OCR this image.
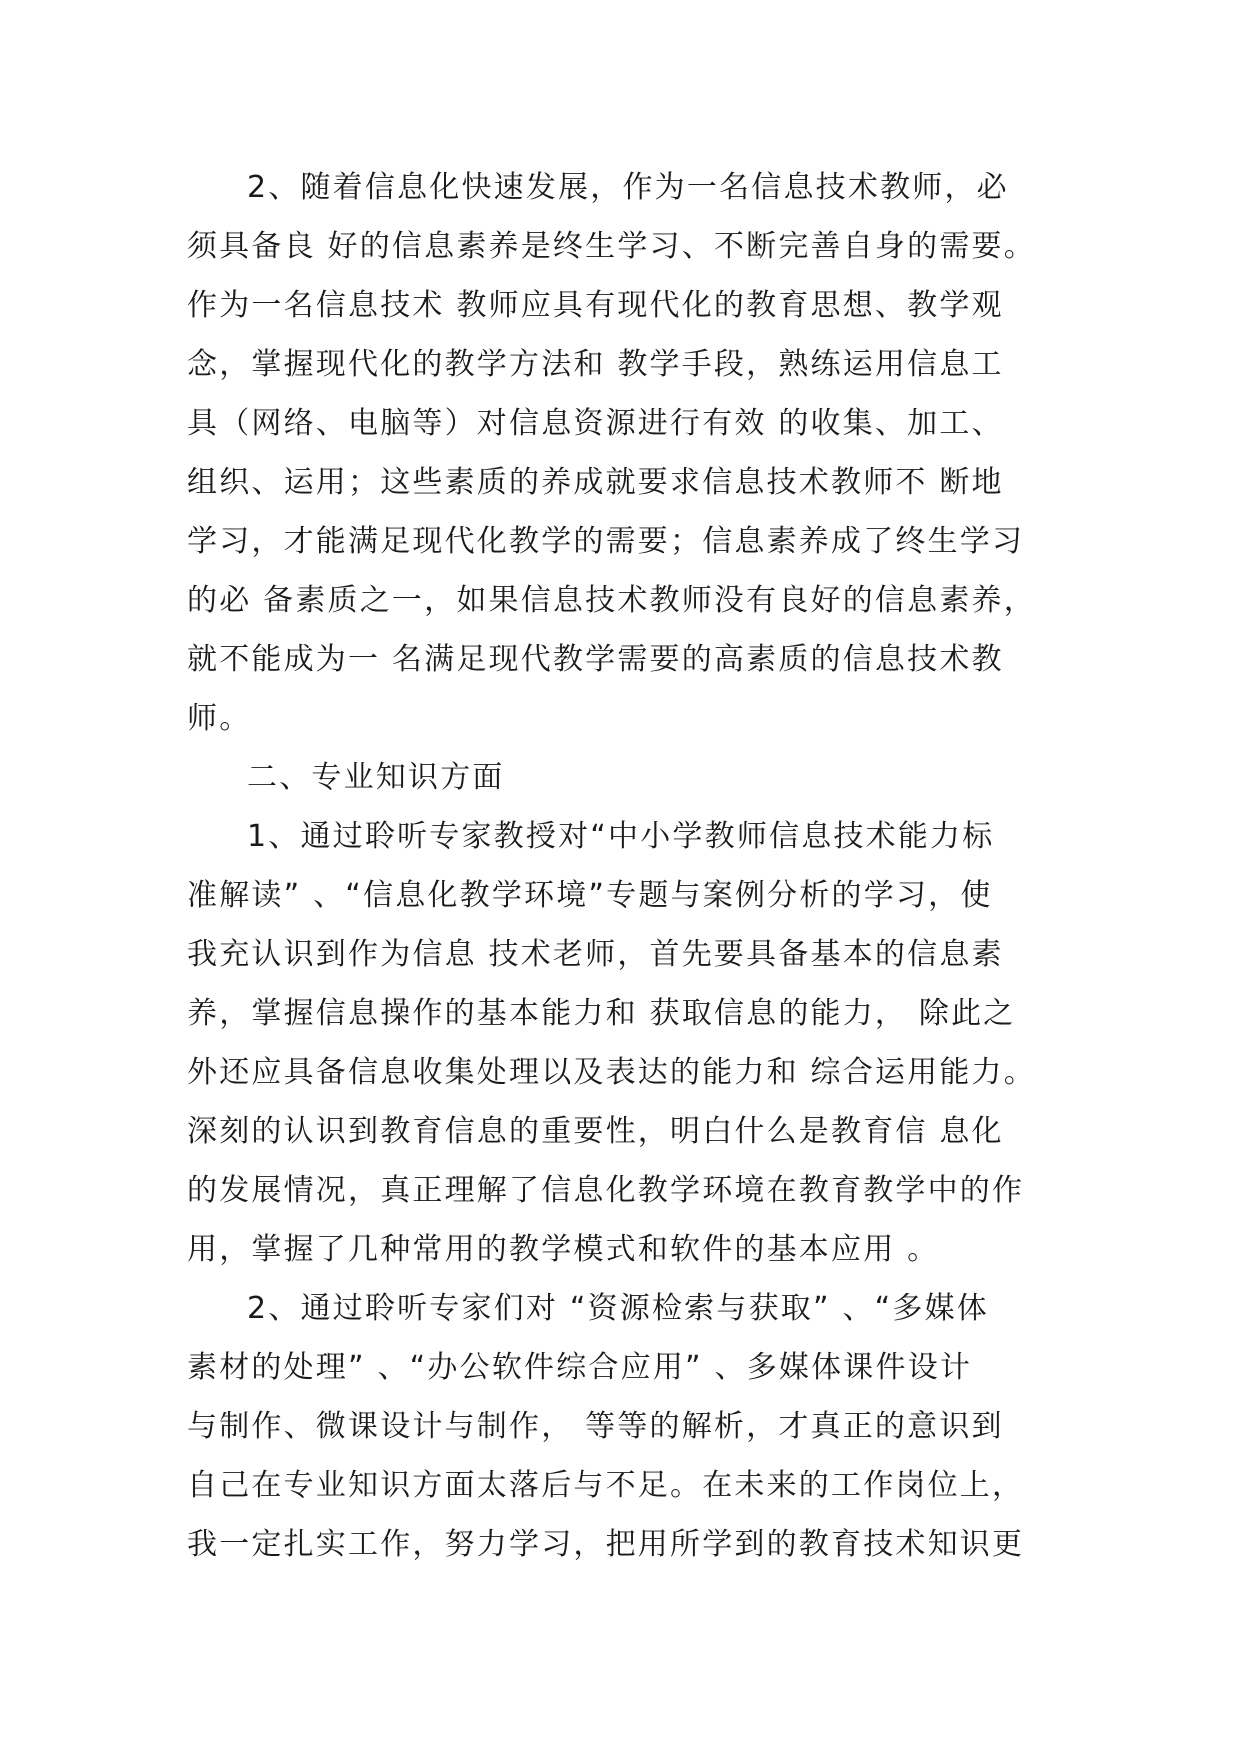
2、随着信息化快速发展，作为一名信息技术教师，必
须具备良 好的信息素养是终生学习、不断完善自身的需要。
作为一名信息技术 教师应具有现代化的教育思想、教学观
念，掌握现代化的教学方法和 教学手段，熟练运用信息工
具（网络、电脑等）对信息资源进行有效 的收集、加工、
组织、运用；这些素质的养成就要求信息技术教师不 断地
学习，才能满足现代化教学的需要；信息素养成了终生学习
的必 备素质之一，如果信息技术教师没有良好的信息素养，
就不能成为一 名满足现代教学需要的高素质的信息技术教
师。
二、专业知识方面
1、通过聆听专家教授对“中小学教师信息技术能力标
准解读” 、“信息化教学环境”专题与案例分析的学习，使
我充认识到作为信息 技术老师，首先要具备基本的信息素
养，掌握信息操作的基本能力和 获取信息的能力， 除此之
外还应具备信息收集处理以及表达的能力和 综合运用能力。
深刻的认识到教育信息的重要性，明白什么是教育信 息化
的发展情况，真正理解了信息化教学环境在教育教学中的作
用，掌握了几种常用的教学模式和软件的基本应用 。
2、通过聆听专家们对 “资源检索与获取” 、“多媒体
素材的处理” 、“办公软件综合应用” 、多媒体课件设计
与制作、微课设计与制作， 等等的解析，才真正的意识到
自己在专业知识方面太落后与不足。在未来的工作岗位上，
我一定扎实工作，努力学习，把用所学到的教育技术知识更
